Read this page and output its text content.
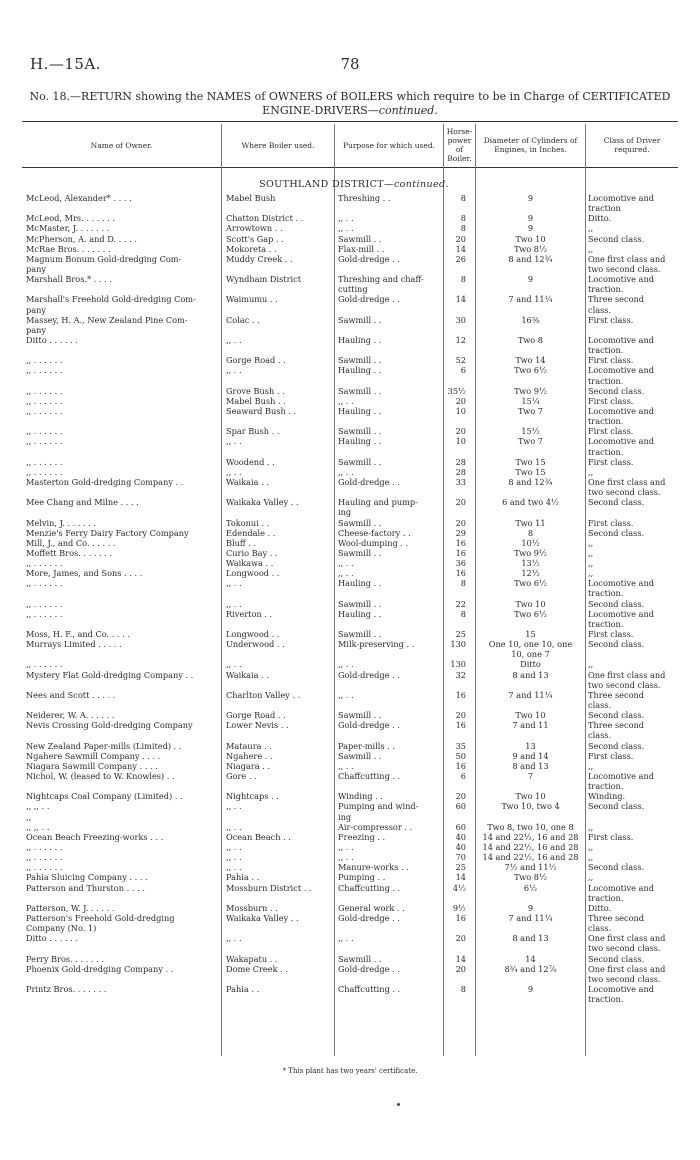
H.—15A.	78
No. 18.—RETURN showing the NAMES of OWNERS of BOILERS which require to be in Charge of CERTIFICATED
ENGINE-DRIVERS—continued.
Name of Owner.	Where Boiler used.	Purpose for which used.
Horse-power of Boiler.
Diameter of Cylinders of Engines, in Inches.
Class of Driver required.
SOUTHLAND DISTRICT—continued.
McLeod, Alexander* . . . .	Mabel Bush	Threshing . .	8	9	Locomotive and
traction
McLeod, Mrs. . . . . . .	Chatton District . .	,, . .	8	9	Ditto.
McMaster, J. . . . . . .	Arrowtown . .	,, . .	8	9	,,
McPherson, A. and D. . . . .	Scott's Gap . .	Sawmill . .	20	Two 10	Second class.
McRae Bros. . . . . . .	Mokoreta . .	Flax-mill . .	14	Two 8½	,,
Magnum Bonum Gold-dredging Com-	Muddy Creek . .	Gold-dredge . .	26	8 and 12¾	One first class and
pany	two second class.
Marshall Bros.* . . . .	Wyndham District	Threshing and chaff-	8	9	Locomotive and
cutting	traction.
Marshall's Freehold Gold-dredging Com-	Waimumu . .	Gold-dredge . .	14	7 and 11¼	Three second
pany	class.
Massey, H. A., New Zealand Pine Com-	Colac . .	Sawmill . .	30	16⅜	First class.
pany
Ditto . . . . . .	,, . .	Hauling . .	12	Two 8	Locomotive and
traction.
,, . . . . . .	Gorge Road . .	Sawmill . .	52	Two 14	First class.
,, . . . . . .	,, . .	Hauling . .	6	Two 6½	Locomotive and
traction.
,, . . . . . .	Grove Bush . .	Sawmill . .	35½	Two 9½	Second class.
,, . . . . . .	Mabel Bush . .	,, . .	20	15¼	First class.
,, . . . . . .	Seaward Bush . .	Hauling . .	10	Two 7	Locomotive and
traction.
,, . . . . . .	Spar Bush . .	Sawmill . .	20	15½	First class.
,, . . . . . .	,, . .	Hauling . .	10	Two 7	Locomotive and
traction.
,, . . . . . .	Woodend . .	Sawmill . .	28	Two 15	First class.
,, . . . . . .	,, . .	,, . .	28	Two 15	,,
Masterton Gold-dredging Company . .	Waikaia . .	Gold-dredge . .	33	8 and 12¾	One first class and
two second class.
Mee Chang and Milne . . . .	Waikaka Valley . .	Hauling and pump-	20	6 and two 4½	Second class.
ing
Melvin, J. . . . . . .	Tokonui . .	Sawmill . .	20	Two 11	First class.
Menzie's Ferry Dairy Factory Company	Edendale . .	Cheese-factory . .	29	8	Second class.
Mill, J., and Co. . . . . .	Bluff . .	Wool-dumping . .	16	10½	,,
Moffett Bros. . . . . . .	Curio Bay . .	Sawmill . .	16	Two 9½	,,
,, . . . . . .	Waikawa . .	,, . .	36	13½	,,
More, James, and Sons . . . .	Longwood . .	,, . .	16	12½	,,
,, . . . . . .	,, . .	Hauling . .	8	Two 6½	Locomotive and
traction.
,, . . . . . .	,, . .	Sawmill . .	22	Two 10	Second class.
,, . . . . . .	Riverton . .	Hauling . .	8	Two 6½	Locomotive and
traction.
Moss, H. F., and Co. . . . .	Longwood . .	Sawmill . .	25	15	First class.
Murrays Limited . . . . .	Underwood . .	Milk-preserving . .	130	One 10, one 10, one	Second class.
10, one 7
,, . . . . . .	,, . .	,, . .	130	Ditto	,,
Mystery Flat Gold-dredging Company . .	Waikaia . .	Gold-dredge . .	32	8 and 13	One first class and
two second class.
Nees and Scott . . . . .	Charlton Valley . .	,, . .	16	7 and 11¼	Three second
class.
Neiderer, W. A. . . . . .	Gorge Road . .	Sawmill . .	20	Two 10	Second class.
Nevis Crossing Gold-dredging Company	Lower Nevis . .	Gold-dredge . .	16	7 and 11	Three second
class.
New Zealand Paper-mills (Limited) . .	Mataura . .	Paper-mills . .	35	13	Second class.
Ngahere Sawmill Company . . . .	Ngahere . .	Sawmill . .	50	9 and 14	First class.
Niagara Sawmill Company . . . .	Niagara . .	,, . .	16	8 and 13	,,
Nichol, W. (leased to W. Knowles) . .	Gore . .	Chaffcutting . .	6	7	Locomotive and
traction.
Nightcaps Coal Company (Limited) . .	Nightcaps . .	Winding . .	20	Two 10	Winding.
,, ,, . .	,, . .	Pumping and wind-	60	Two 10, two 4	Second class.
,,	ing
,, ,, . .	,, . .	Air-compressor . .	60	Two 8, two 10, one 8	,,
Ocean Beach Freezing-works . . .	Ocean Beach . .	Freezing . .	40	14 and 22½, 16 and 28	First class.
,, . . . . . .	,, . .	,, . .	40	14 and 22½, 16 and 28	,,
,, . . . . . .	,, . .	,, . .	70	14 and 22½, 16 and 28	,,
,, . . . . . .	,, . .	Manure-works . .	25	7½ and 11½	Second class.
Pahia Sluicing Company . . . .	Pahia . .	Pumping . .	14	Two 8½	,,
Patterson and Thurston . . . .	Mossburn District . .	Chaffcutting . .	4½	6½	Locomotive and
traction.
Patterson, W. J. . . . . .	Mossburn . .	General work . .	9½	9	Ditto.
Patterson's Freehold Gold-dredging	Waikaka Valley . .	Gold-dredge . .	16	7 and 11¼	Three second
Company (No. 1)	class.
Ditto . . . . . .	,, . .	,, . .	20	8 and 13	One first class and
two second class.
Perry Bros. . . . . . .	Wakapatu . .	Sawmill . .	14	14	Second class.
Phoenix Gold-dredging Company . .	Dome Creek . .	Gold-dredge . .	20	8¾ and 12⅞	One first class and
two second class.
Printz Bros. . . . . . .	Pahia . .	Chaffcutting . .	8	9	Locomotive and
traction.
* This plant has two years' certificate.
